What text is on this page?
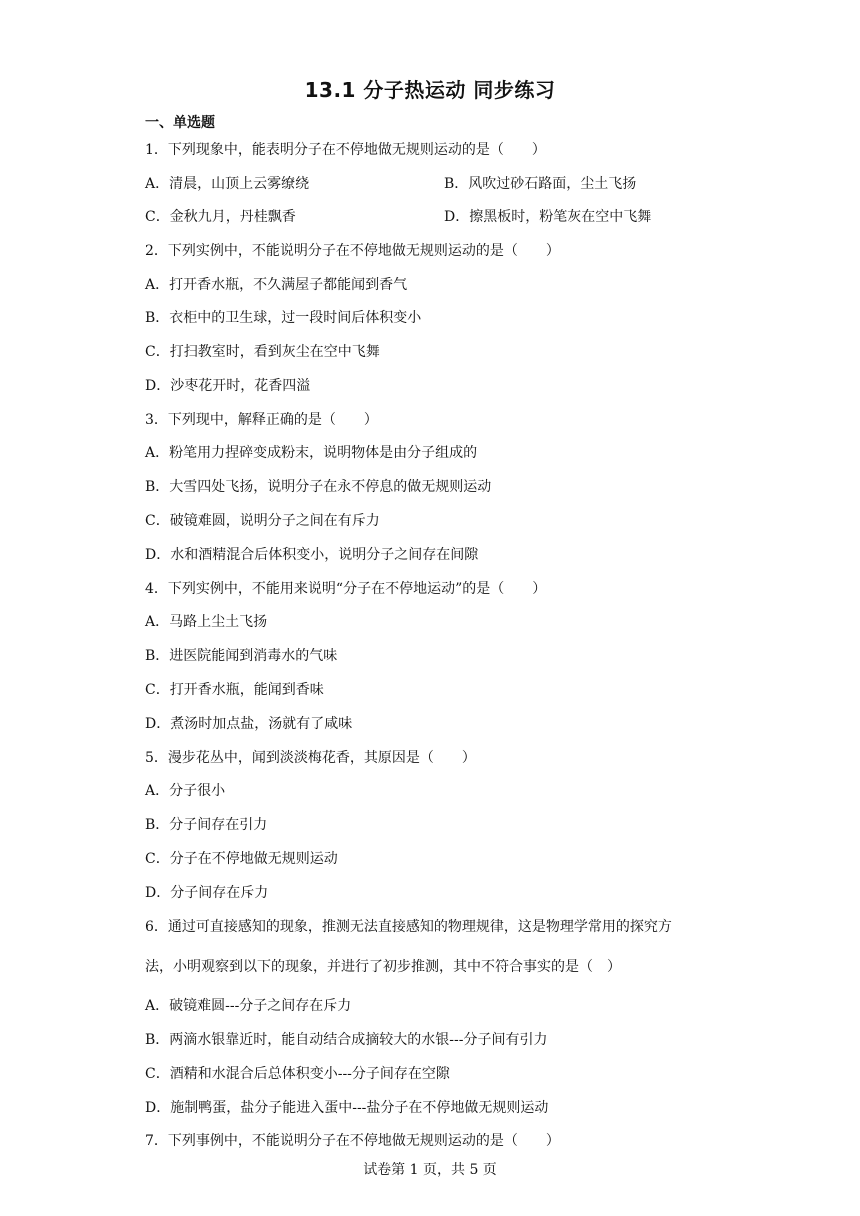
13.1 分子热运动 同步练习
一、单选题
1．下列现象中，能表明分子在不停地做无规则运动的是（　　）
A．清晨，山顶上云雾缭绕	B．风吹过砂石路面，尘土飞扬
C．金秋九月，丹桂飘香	D．擦黑板时，粉笔灰在空中飞舞
2．下列实例中，不能说明分子在不停地做无规则运动的是（　　）
A．打开香水瓶，不久满屋子都能闻到香气
B．衣柜中的卫生球，过一段时间后体积变小
C．打扫教室时，看到灰尘在空中飞舞
D．沙枣花开时，花香四溢
3．下列现中，解释正确的是（　　）
A．粉笔用力捏碎变成粉末，说明物体是由分子组成的
B．大雪四处飞扬，说明分子在永不停息的做无规则运动
C．破镜难圆，说明分子之间在有斥力
D．水和酒精混合后体积变小，说明分子之间存在间隙
4．下列实例中，不能用来说明“分子在不停地运动”的是（　　）
A．马路上尘土飞扬
B．进医院能闻到消毒水的气味
C．打开香水瓶，能闻到香味
D．煮汤时加点盐，汤就有了咸味
5．漫步花丛中，闻到淡淡梅花香，其原因是（　　）
A．分子很小
B．分子间存在引力
C．分子在不停地做无规则运动
D．分子间存在斥力
6．通过可直接感知的现象，推测无法直接感知的物理规律，这是物理学常用的探究方
法，小明观察到以下的现象，并进行了初步推测，其中不符合事实的是（　）
A．破镜难圆---分子之间存在斥力
B．两滴水银靠近时，能自动结合成摘较大的水银---分子间有引力
C．酒精和水混合后总体积变小---分子间存在空隙
D．施制鸭蛋，盐分子能进入蛋中---盐分子在不停地做无规则运动
7．下列事例中，不能说明分子在不停地做无规则运动的是（　　）
试卷第 1 页，共 5 页
